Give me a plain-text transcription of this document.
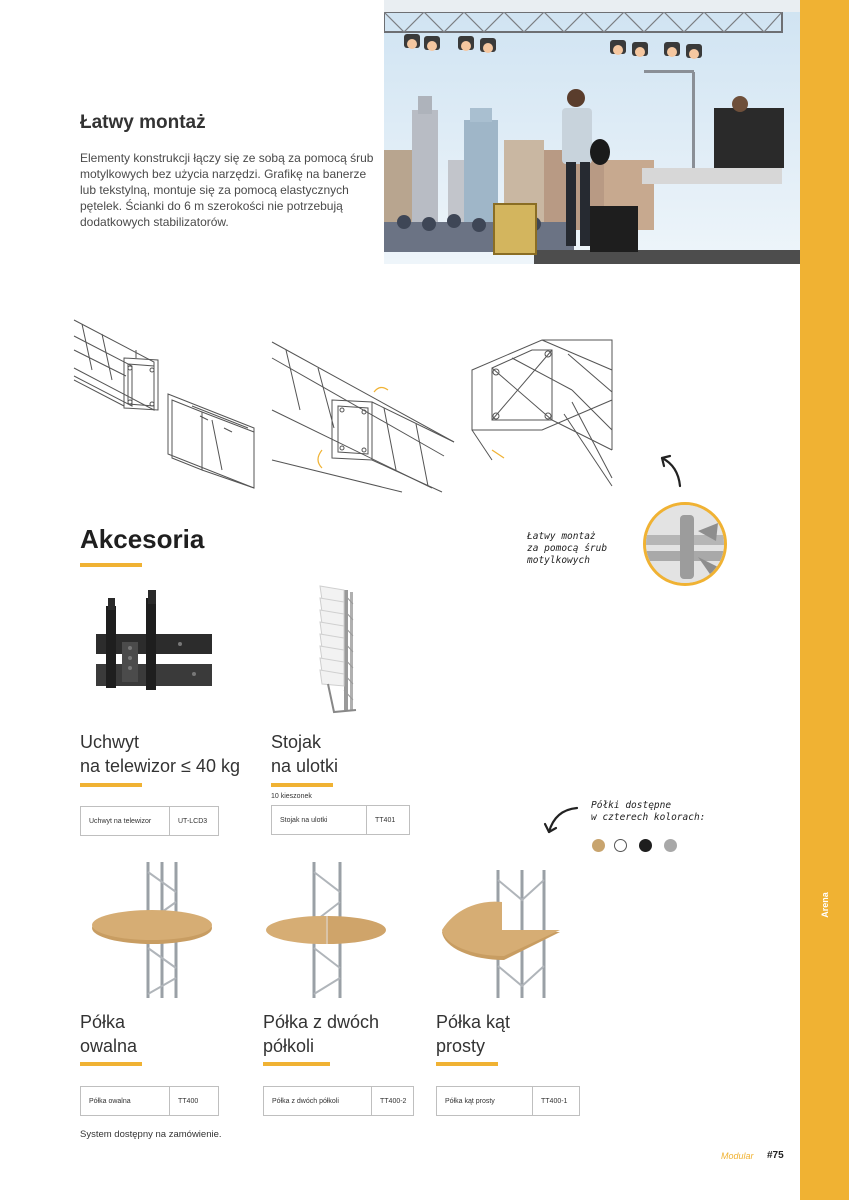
Arena
Łatwy montaż

Elementy konstrukcji łączy się ze sobą za pomocą śrub motylkowych bez użycia narzędzi. Grafikę na banerze lub tekstylną, montuje się za pomocą elastycznych pętelek. Ścianki do 6 m szerokości nie potrzebują dodatkowych stabilizatorów.

Łatwy montaż
za pomocą śrub
motylkowych
Akcesoria
Uchwyt
na telewizor ≤ 40 kg
Uchwyt na telewizor	UT-LCD3
Stojak
na ulotki
10 kieszonek
Stojak na ulotki	TT401
Półki dostępne
w czterech kolorach:
Półka
owalna
Półka owalna	TT400
Półka z dwóch
półkoli
Półka z dwóch półkoli	TT400-2
Półka kąt
prosty
Półka kąt prosty	TT400-1
System dostępny na zamówienie.
Modular #75
